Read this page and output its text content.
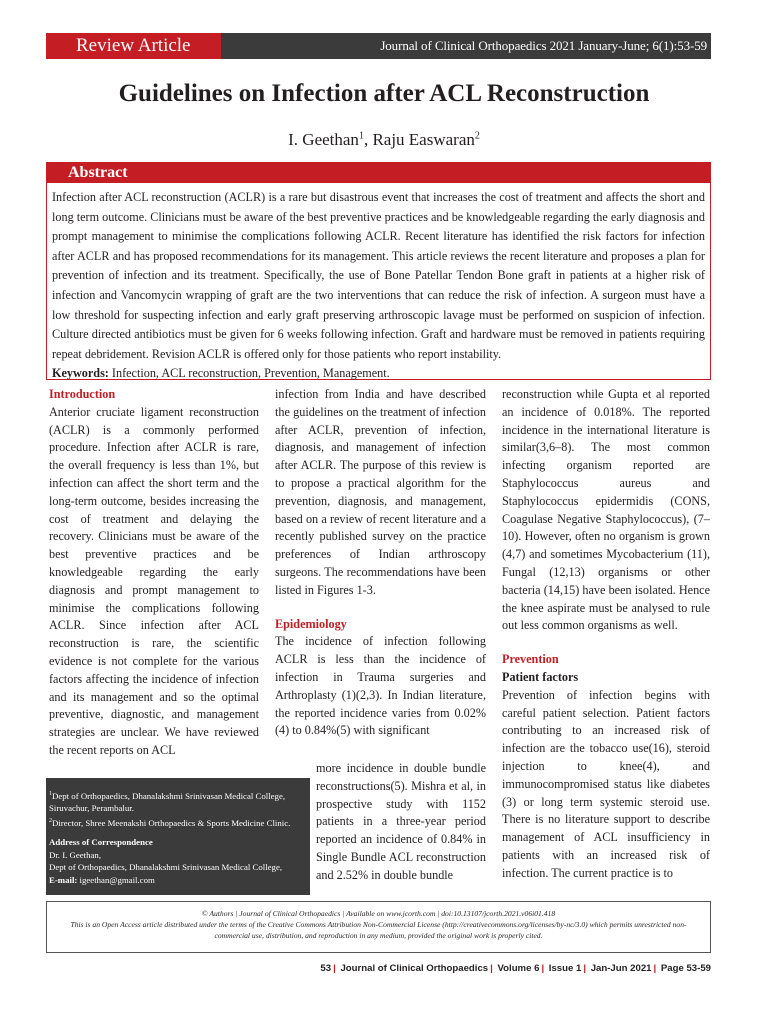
Review Article	Journal of Clinical Orthopaedics 2021 January-June; 6(1):53-59
Guidelines on Infection after ACL Reconstruction
I. Geethan$^1$, Raju Easwaran$^2$
Abstract
Infection after ACL reconstruction (ACLR) is a rare but disastrous event that increases the cost of treatment and affects the short and long term outcome. Clinicians must be aware of the best preventive practices and be knowledgeable regarding the early diagnosis and prompt management to minimise the complications following ACLR. Recent literature has identified the risk factors for infection after ACLR and has proposed recommendations for its management. This article reviews the recent literature and proposes a plan for prevention of infection and its treatment. Specifically, the use of Bone Patellar Tendon Bone graft in patients at a higher risk of infection and Vancomycin wrapping of graft are the two interventions that can reduce the risk of infection. A surgeon must have a low threshold for suspecting infection and early graft preserving arthroscopic lavage must be performed on suspicion of infection. Culture directed antibiotics must be given for 6 weeks following infection. Graft and hardware must be removed in patients requiring repeat debridement. Revision ACLR is offered only for those patients who report instability.
Keywords: Infection, ACL reconstruction, Prevention, Management.
Introduction
Anterior cruciate ligament reconstruction (ACLR) is a commonly performed procedure. Infection after ACLR is rare, the overall frequency is less than 1%, but infection can affect the short term and the long-term outcome, besides increasing the cost of treatment and delaying the recovery. Clinicians must be aware of the best preventive practices and be knowledgeable regarding the early diagnosis and prompt management to minimise the complications following ACLR. Since infection after ACL reconstruction is rare, the scientific evidence is not complete for the various factors affecting the incidence of infection and its management and so the optimal preventive, diagnostic, and management strategies are unclear. We have reviewed the recent reports on ACL
infection from India and have described the guidelines on the treatment of infection after ACLR, prevention of infection, diagnosis, and management of infection after ACLR. The purpose of this review is to propose a practical algorithm for the prevention, diagnosis, and management, based on a review of recent literature and a recently published survey on the practice preferences of Indian arthroscopy surgeons. The recommendations have been listed in Figures 1-3.
Epidemiology
The incidence of infection following ACLR is less than the incidence of infection in Trauma surgeries and Arthroplasty (1)(2,3). In Indian literature, the reported incidence varies from 0.02% (4) to 0.84%(5) with significant
more incidence in double bundle reconstructions(5). Mishra et al, in prospective study with 1152 patients in a three-year period reported an incidence of 0.84% in Single Bundle ACL reconstruction and 2.52% in double bundle
reconstruction while Gupta et al reported an incidence of 0.018%. The reported incidence in the international literature is similar(3,6–8). The most common infecting organism reported are Staphylococcus aureus and Staphylococcus epidermidis (CONS, Coagulase Negative Staphylococcus), (7–10). However, often no organism is grown (4,7) and sometimes Mycobacterium (11), Fungal (12,13) organisms or other bacteria (14,15) have been isolated. Hence the knee aspirate must be analysed to rule out less common organisms as well.
Prevention
Patient factors
Prevention of infection begins with careful patient selection. Patient factors contributing to an increased risk of infection are the tobacco use(16), steroid injection to knee(4), and immunocompromised status like diabetes (3) or long term systemic steroid use. There is no literature support to describe management of ACL insufficiency in patients with an increased risk of infection. The current practice is to
$^1$Dept of Orthopaedics, Dhanalakshmi Srinivasan Medical College, Siruvachur, Perambalur.
$^2$Director, Shree Meenakshi Orthopaedics & Sports Medicine Clinic.
Address of Correspondence
Dr. I. Geethan,
Dept of Orthopaedics, Dhanalakshmi Srinivasan Medical College,
E-mail: igeethan@gmail.com
© Authors | Journal of Clinical Orthopaedics | Available on www.jcorth.com | doi:10.13107/jcorth.2021.v06i01.418
This is an Open Access article distributed under the terms of the Creative Commons Attribution Non-Commercial License (http://creativecommons.org/licenses/by-nc/3.0) which permits unrestricted non-commercial use, distribution, and reproduction in any medium, provided the original work is properly cited.
53 | Journal of Clinical Orthopaedics | Volume 6 | Issue 1 | Jan-Jun 2021 | Page 53-59
